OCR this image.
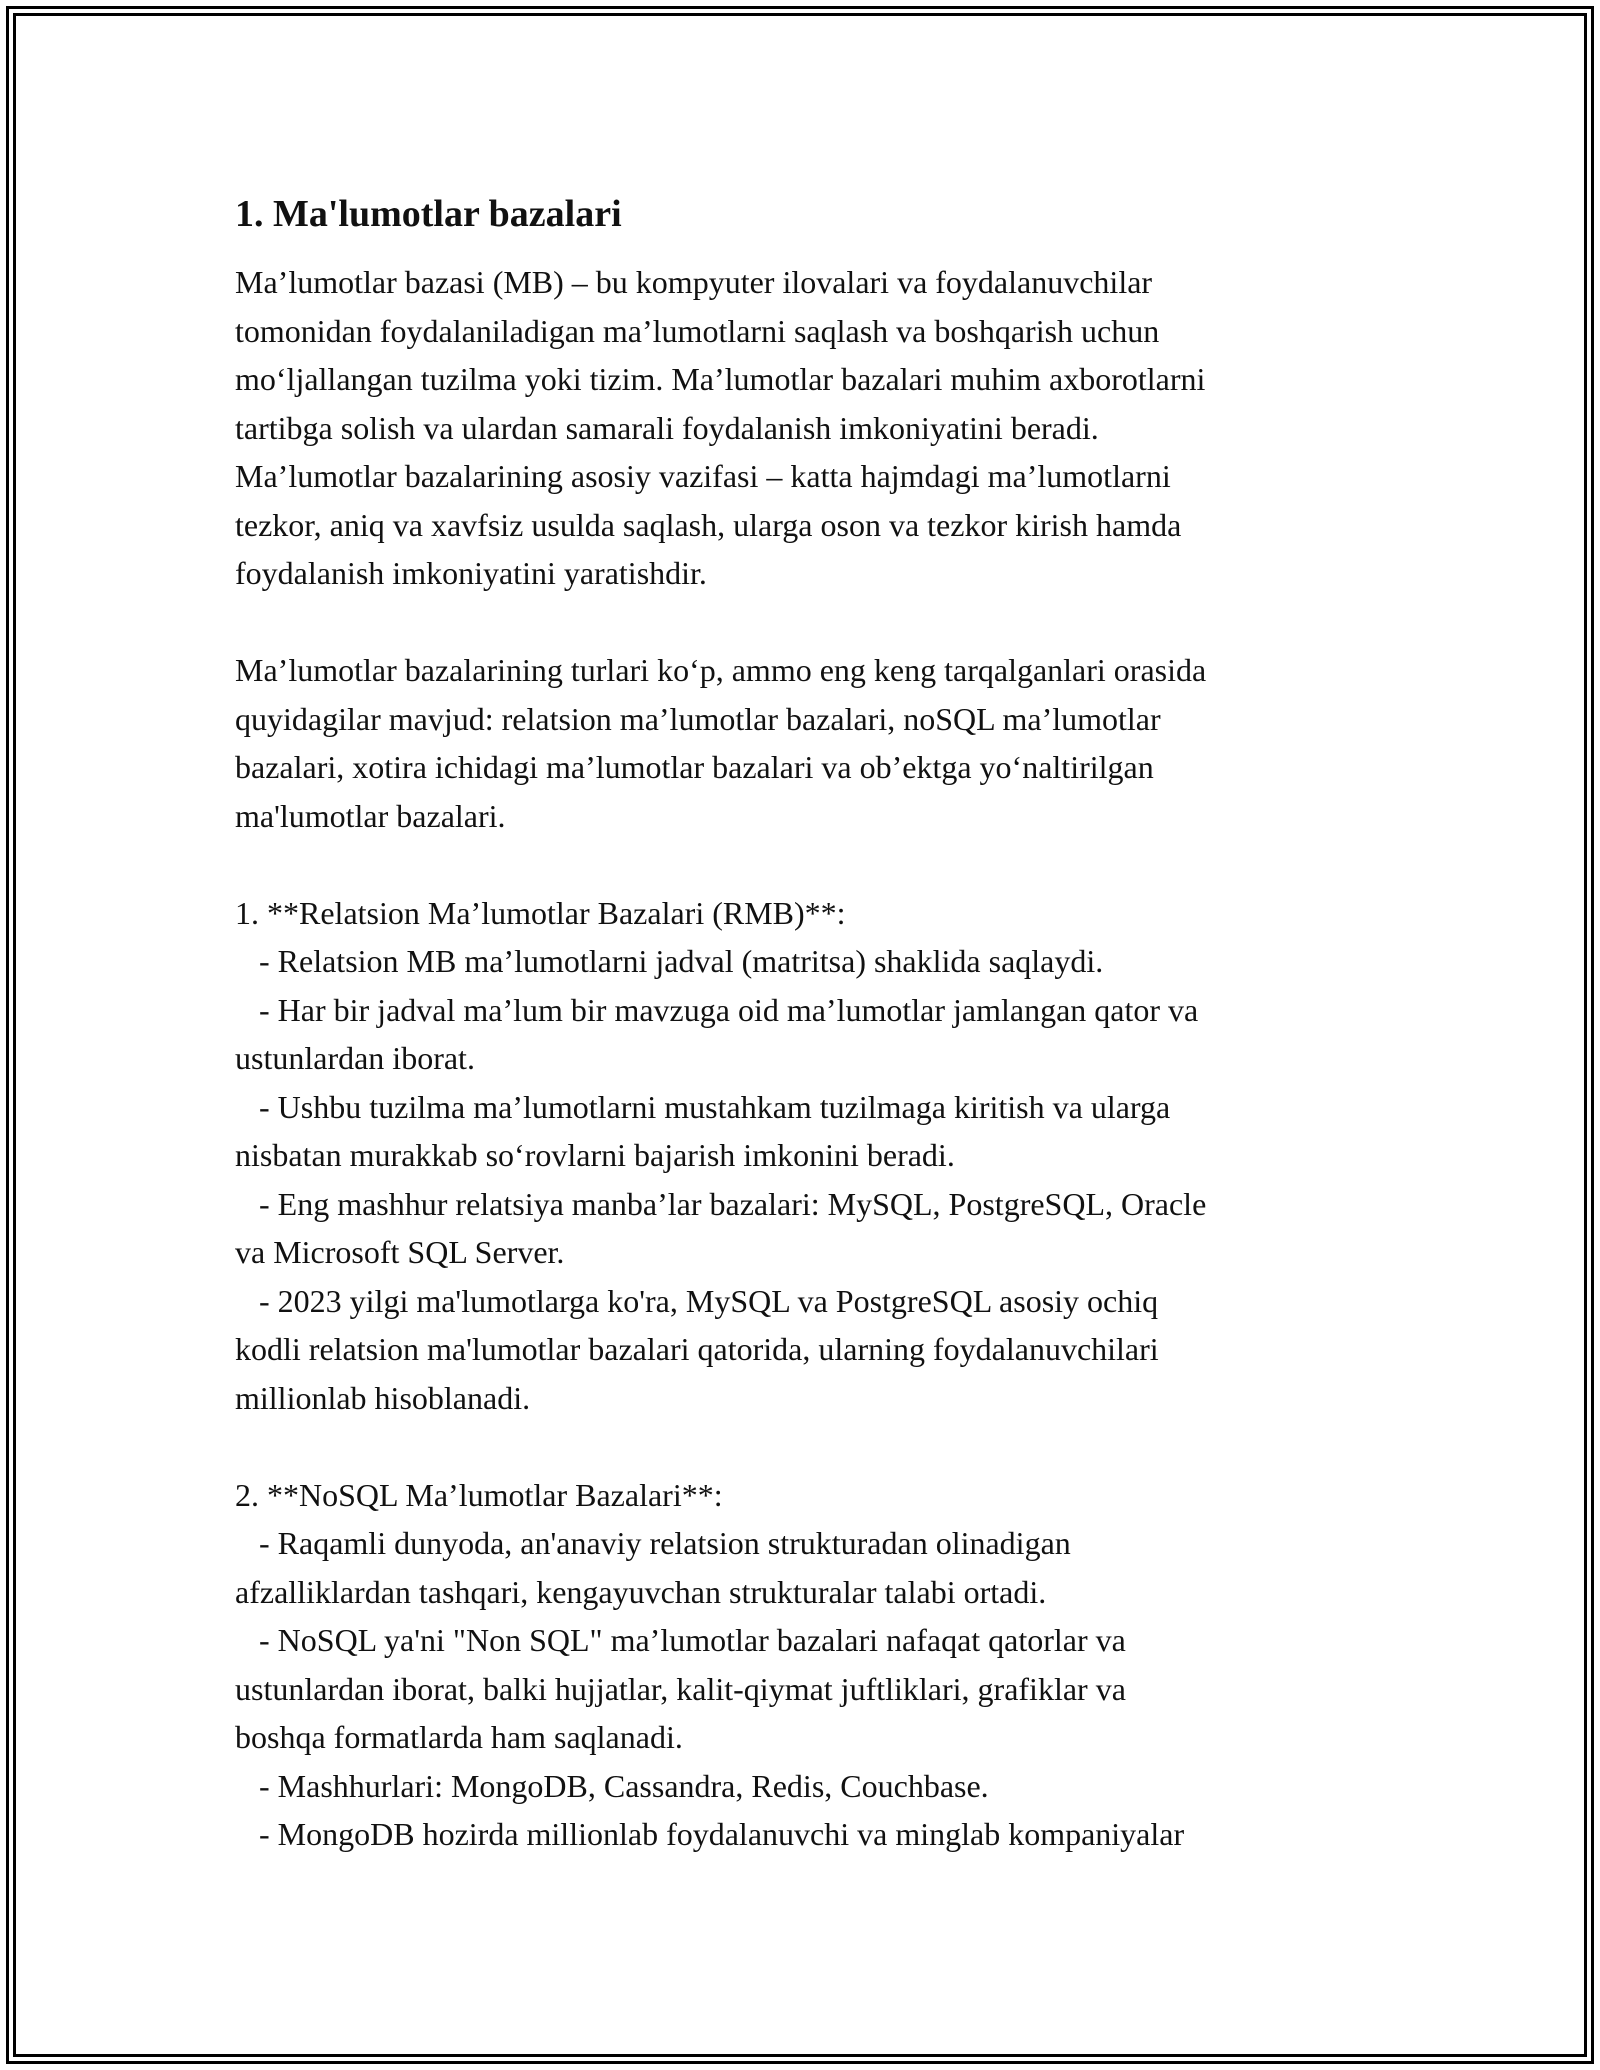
1. Ma'lumotlar bazalari

Ma’lumotlar bazasi (MB) – bu kompyuter ilovalari va foydalanuvchilar

tomonidan foydalaniladigan ma’lumotlarni saqlash va boshqarish uchun

mo‘ljallangan tuzilma yoki tizim. Ma’lumotlar bazalari muhim axborotlarni

tartibga solish va ulardan samarali foydalanish imkoniyatini beradi.

Ma’lumotlar bazalarining asosiy vazifasi – katta hajmdagi ma’lumotlarni

tezkor, aniq va xavfsiz usulda saqlash, ularga oson va tezkor kirish hamda

foydalanish imkoniyatini yaratishdir.

Ma’lumotlar bazalarining turlari ko‘p, ammo eng keng tarqalganlari orasida

quyidagilar mavjud: relatsion ma’lumotlar bazalari, noSQL ma’lumotlar

bazalari, xotira ichidagi ma’lumotlar bazalari va ob’ektga yo‘naltirilgan

ma'lumotlar bazalari.

1. **Relatsion Ma’lumotlar Bazalari (RMB)**:

- Relatsion MB ma’lumotlarni jadval (matritsa) shaklida saqlaydi.

- Har bir jadval ma’lum bir mavzuga oid ma’lumotlar jamlangan qator va

ustunlardan iborat.

- Ushbu tuzilma ma’lumotlarni mustahkam tuzilmaga kiritish va ularga

nisbatan murakkab so‘rovlarni bajarish imkonini beradi.

- Eng mashhur relatsiya manba’lar bazalari: MySQL, PostgreSQL, Oracle

va Microsoft SQL Server.

- 2023 yilgi ma'lumotlarga ko'ra, MySQL va PostgreSQL asosiy ochiq

kodli relatsion ma'lumotlar bazalari qatorida, ularning foydalanuvchilari

millionlab hisoblanadi.

2. **NoSQL Ma’lumotlar Bazalari**:

- Raqamli dunyoda, an'anaviy relatsion strukturadan olinadigan

afzalliklardan tashqari, kengayuvchan strukturalar talabi ortadi.

- NoSQL ya'ni "Non SQL" ma’lumotlar bazalari nafaqat qatorlar va

ustunlardan iborat, balki hujjatlar, kalit-qiymat juftliklari, grafiklar va

boshqa formatlarda ham saqlanadi.

- Mashhurlari: MongoDB, Cassandra, Redis, Couchbase.

- MongoDB hozirda millionlab foydalanuvchi va minglab kompaniyalar
